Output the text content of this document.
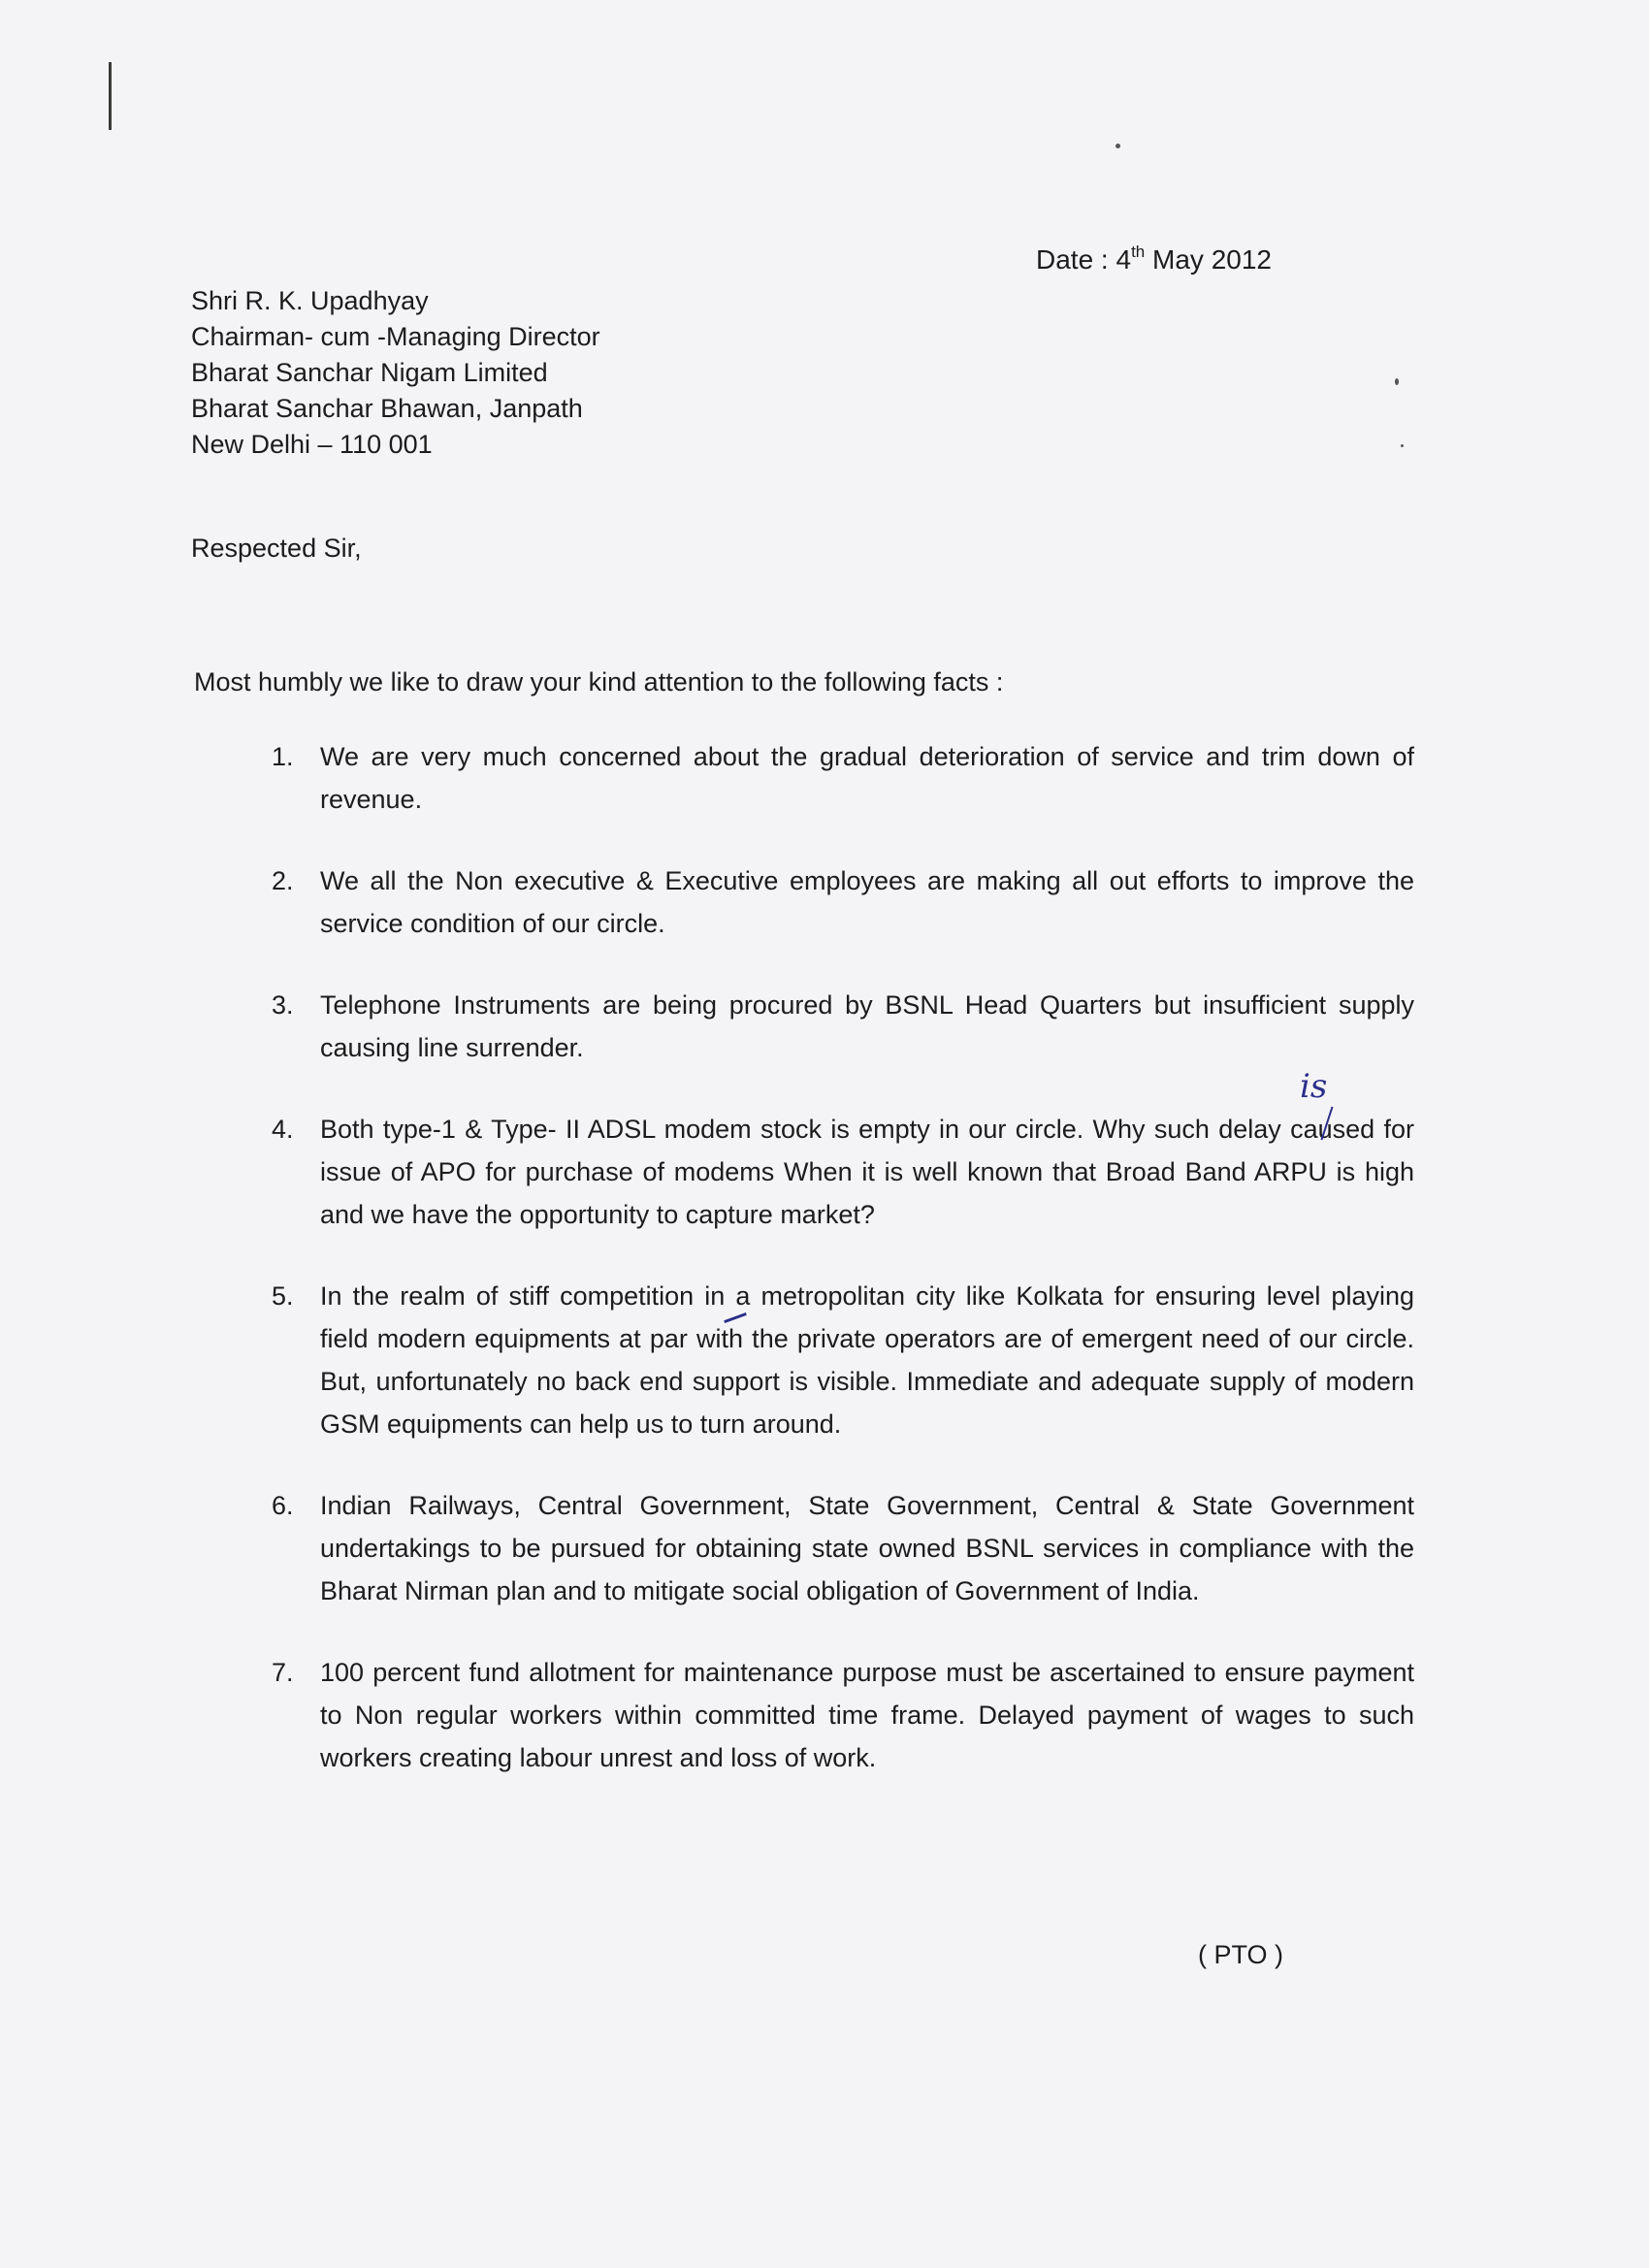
Date : 4th May 2012
Shri R. K. Upadhyay
Chairman- cum -Managing Director
Bharat Sanchar Nigam Limited
Bharat Sanchar Bhawan, Janpath
New Delhi – 110 001
Respected Sir,
Most humbly we like to draw your kind attention to the following facts :
1. We are very much concerned about the gradual deterioration of service and trim down of revenue.
2. We all the Non executive & Executive employees are making all out efforts to improve the service condition of our circle.
3. Telephone Instruments are being procured by BSNL Head Quarters but insufficient supply causing line surrender.
4. Both type-1 & Type- II ADSL modem stock is empty in our circle. Why such delay caused for issue of APO for purchase of modems When it is well known that Broad Band ARPU is high and we have the opportunity to capture market?
5. In the realm of stiff competition in a metropolitan city like Kolkata for ensuring level playing field modern equipments at par with the private operators are of emergent need of our circle. But, unfortunately no back end support is visible. Immediate and adequate supply of modern GSM equipments can help us to turn around.
6. Indian Railways, Central Government, State Government, Central & State Government undertakings to be pursued for obtaining state owned BSNL services in compliance with the Bharat Nirman plan and to mitigate social obligation of Government of India.
7. 100 percent fund allotment for maintenance purpose must be ascertained to ensure payment to Non regular workers within committed time frame. Delayed payment of wages to such workers creating labour unrest and loss of work.
is
( PTO )
